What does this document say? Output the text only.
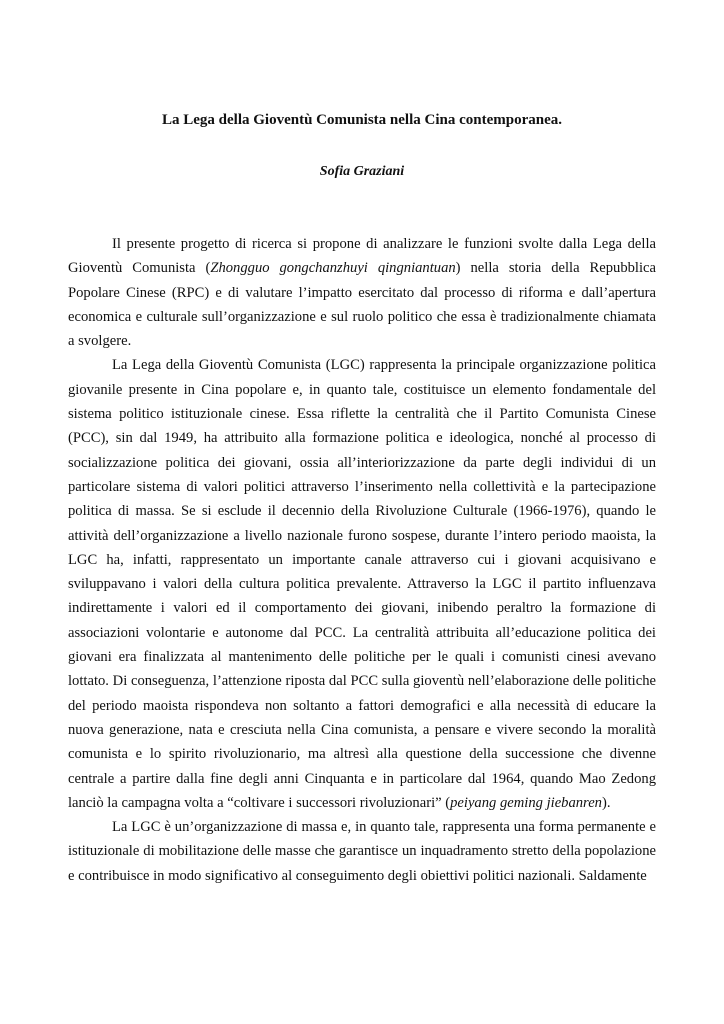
La Lega della Gioventù Comunista nella Cina contemporanea.
Sofia Graziani

Il presente progetto di ricerca si propone di analizzare le funzioni svolte dalla Lega della Gioventù Comunista (Zhongguo gongchanzhuyi qingniantuan) nella storia della Repubblica Popolare Cinese (RPC) e di valutare l’impatto esercitato dal processo di riforma e dall’apertura economica e culturale sull’organizzazione e sul ruolo politico che essa è tradizionalmente chiamata a svolgere.

La Lega della Gioventù Comunista (LGC) rappresenta la principale organizzazione politica giovanile presente in Cina popolare e, in quanto tale, costituisce un elemento fondamentale del sistema politico istituzionale cinese. Essa riflette la centralità che il Partito Comunista Cinese (PCC), sin dal 1949, ha attribuito alla formazione politica e ideologica, nonché al processo di socializzazione politica dei giovani, ossia all’interiorizzazione da parte degli individui di un particolare sistema di valori politici attraverso l’inserimento nella collettività e la partecipazione politica di massa. Se si esclude il decennio della Rivoluzione Culturale (1966-1976), quando le attività dell’organizzazione a livello nazionale furono sospese, durante l’intero periodo maoista, la LGC ha, infatti, rappresentato un importante canale attraverso cui i giovani acquisivano e sviluppavano i valori della cultura politica prevalente. Attraverso la LGC il partito influenzava indirettamente i valori ed il comportamento dei giovani, inibendo peraltro la formazione di associazioni volontarie e autonome dal PCC. La centralità attribuita all’educazione politica dei giovani era finalizzata al mantenimento delle politiche per le quali i comunisti cinesi avevano lottato. Di conseguenza, l’attenzione riposta dal PCC sulla gioventù nell’elaborazione delle politiche del periodo maoista rispondeva non soltanto a fattori demografici e alla necessità di educare la nuova generazione, nata e cresciuta nella Cina comunista, a pensare e vivere secondo la moralità comunista e lo spirito rivoluzionario, ma altresì alla questione della successione che divenne centrale a partire dalla fine degli anni Cinquanta e in particolare dal 1964, quando Mao Zedong lanciò la campagna volta a “coltivare i successori rivoluzionari” (peiyang geming jiebanren).

La LGC è un’organizzazione di massa e, in quanto tale, rappresenta una forma permanente e istituzionale di mobilitazione delle masse che garantisce un inquadramento stretto della popolazione e contribuisce in modo significativo al conseguimento degli obiettivi politici nazionali. Saldamente
